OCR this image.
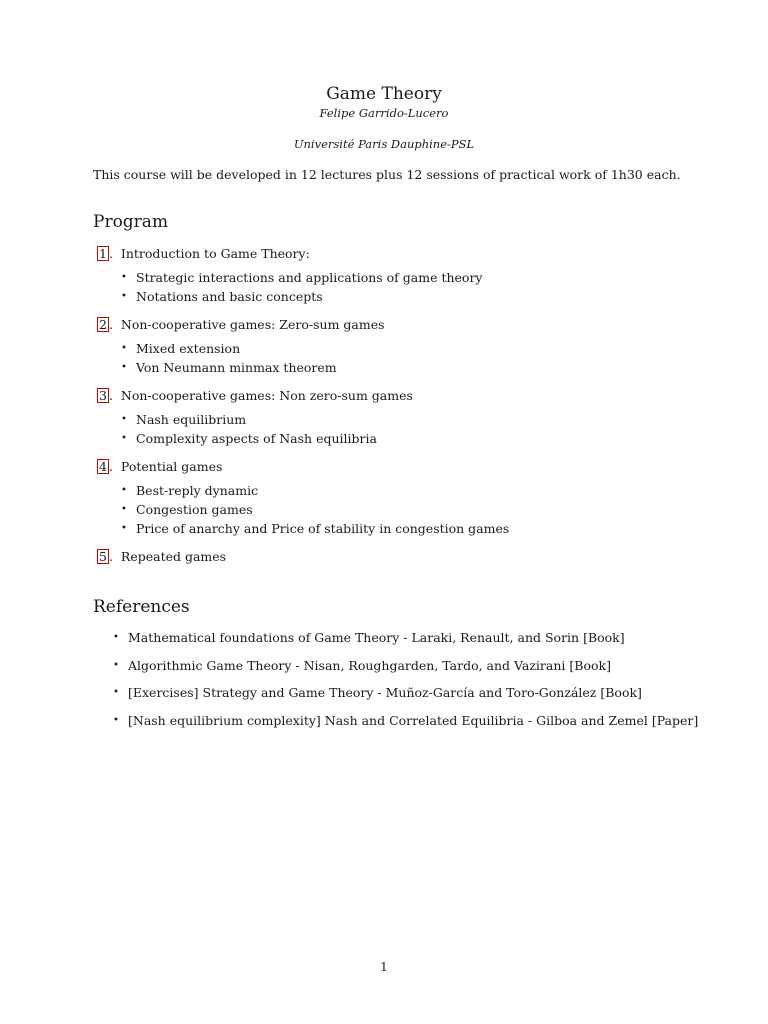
Game Theory
Felipe Garrido-Lucero
Université Paris Dauphine-PSL
This course will be developed in 12 lectures plus 12 sessions of practical work of 1h30 each.
Program
1 . Introduction to Game Theory:
• Strategic interactions and applications of game theory
• Notations and basic concepts
2 . Non-cooperative games: Zero-sum games
• Mixed extension
• Von Neumann minmax theorem
3 . Non-cooperative games: Non zero-sum games
• Nash equilibrium
• Complexity aspects of Nash equilibria
4 . Potential games
• Best-reply dynamic
• Congestion games
• Price of anarchy and Price of stability in congestion games
5 . Repeated games
References
• Mathematical foundations of Game Theory - Laraki, Renault, and Sorin [Book]
• Algorithmic Game Theory - Nisan, Roughgarden, Tardo, and Vazirani [Book]
• [Exercises] Strategy and Game Theory - Muñoz-García and Toro-González [Book]
• [Nash equilibrium complexity] Nash and Correlated Equilibria - Gilboa and Zemel [Paper]
1
